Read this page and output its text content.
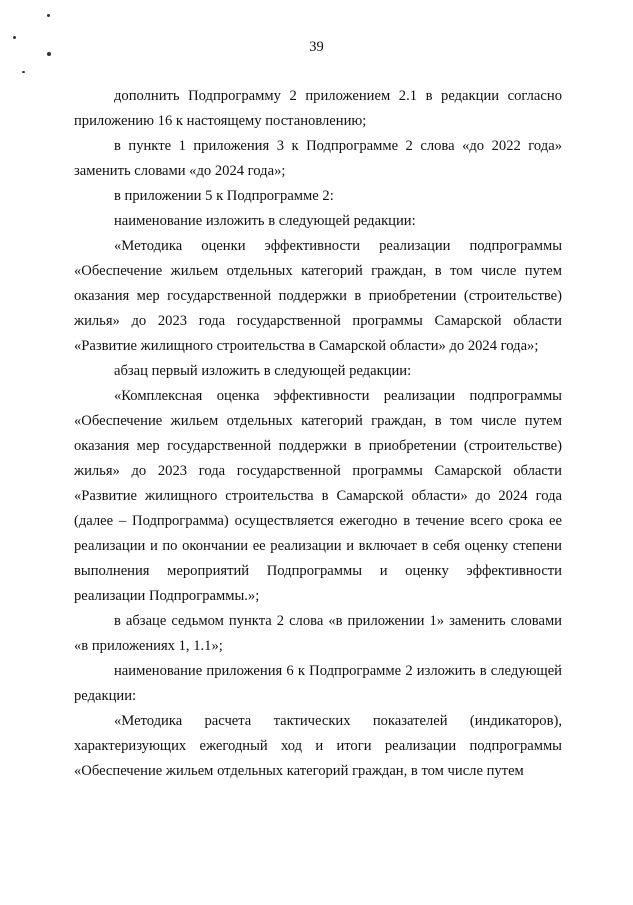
39

дополнить Подпрограмму 2 приложением 2.1 в редакции согласно приложению 16 к настоящему постановлению;

в пункте 1 приложения 3 к Подпрограмме 2 слова «до 2022 года» заменить словами «до 2024 года»;

в приложении 5 к Подпрограмме 2:

наименование изложить в следующей редакции:

«Методика оценки эффективности реализации подпрограммы «Обеспечение жильем отдельных категорий граждан, в том числе путем оказания мер государственной поддержки в приобретении (строительстве) жилья» до 2023 года государственной программы Самарской области «Развитие жилищного строительства в Самарской области» до 2024 года»;

абзац первый изложить в следующей редакции:

«Комплексная оценка эффективности реализации подпрограммы «Обеспечение жильем отдельных категорий граждан, в том числе путем оказания мер государственной поддержки в приобретении (строительстве) жилья» до 2023 года государственной программы Самарской области «Развитие жилищного строительства в Самарской области» до 2024 года (далее – Подпрограмма) осуществляется ежегодно в течение всего срока ее реализации и по окончании ее реализации и включает в себя оценку степени выполнения мероприятий Подпрограммы и оценку эффективности реализации Подпрограммы.»;

в абзаце седьмом пункта 2 слова «в приложении 1» заменить словами «в приложениях 1, 1.1»;

наименование приложения 6 к Подпрограмме 2 изложить в следующей редакции:

«Методика расчета тактических показателей (индикаторов), характеризующих ежегодный ход и итоги реализации подпрограммы «Обеспечение жильем отдельных категорий граждан, в том числе путем
